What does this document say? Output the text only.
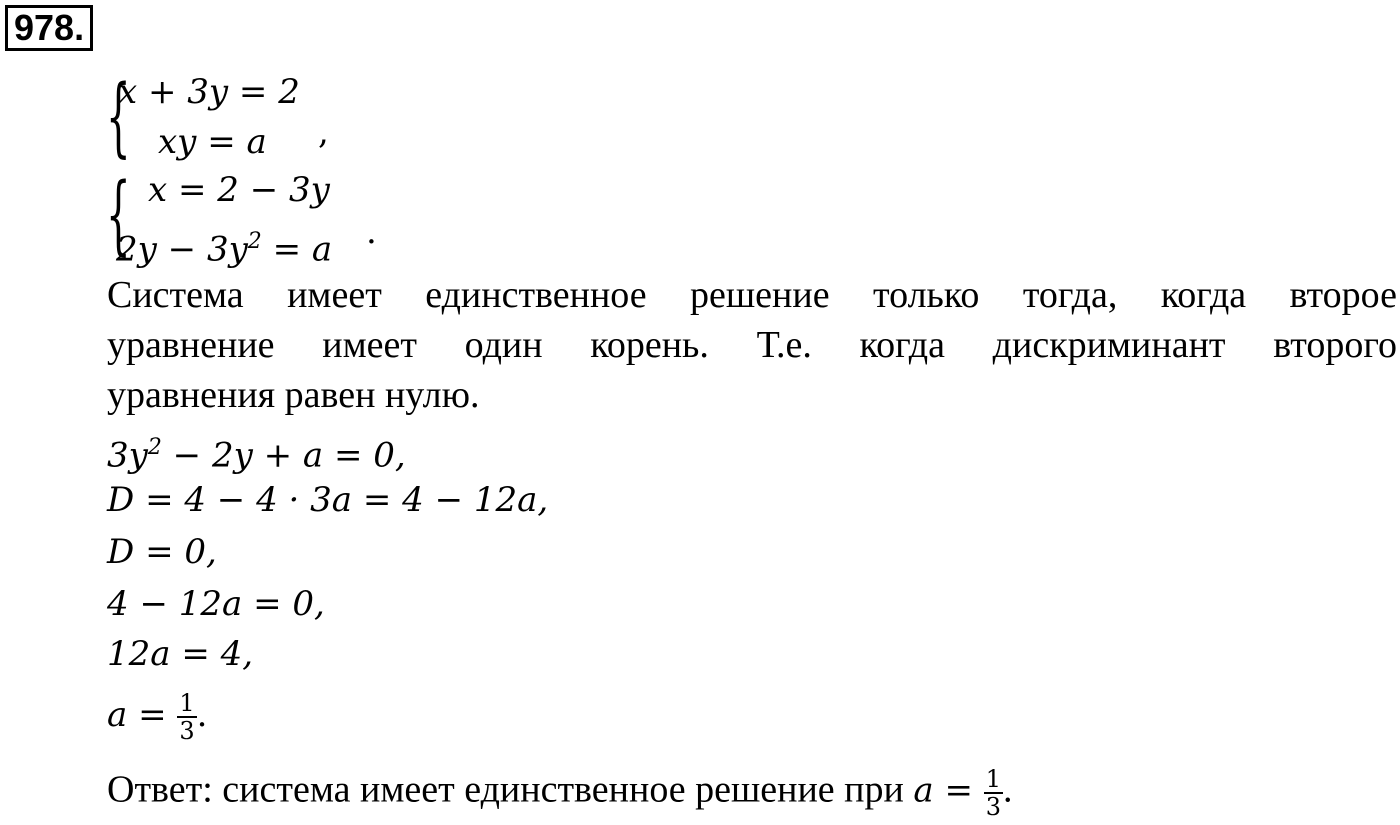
978.
{
x + 3y = 2
xy = a ,
{ x = 2 − 3y
$2y - 3y^2 = a$ .
Система имеет единственное решение только тогда, когда второе
уравнение имеет один корень. Т.е. когда дискриминант второго
уравнения равен нулю.
$3y^2 - 2y + a = 0$,
D = 4 − 4 · 3a = 4 − 12a,
D = 0,
4 − 12a = 0,
12a = 4,
$a = \frac{1}{3}$ .
Ответ: система имеет единственное решение при $a = \frac{1}{3}$ .
